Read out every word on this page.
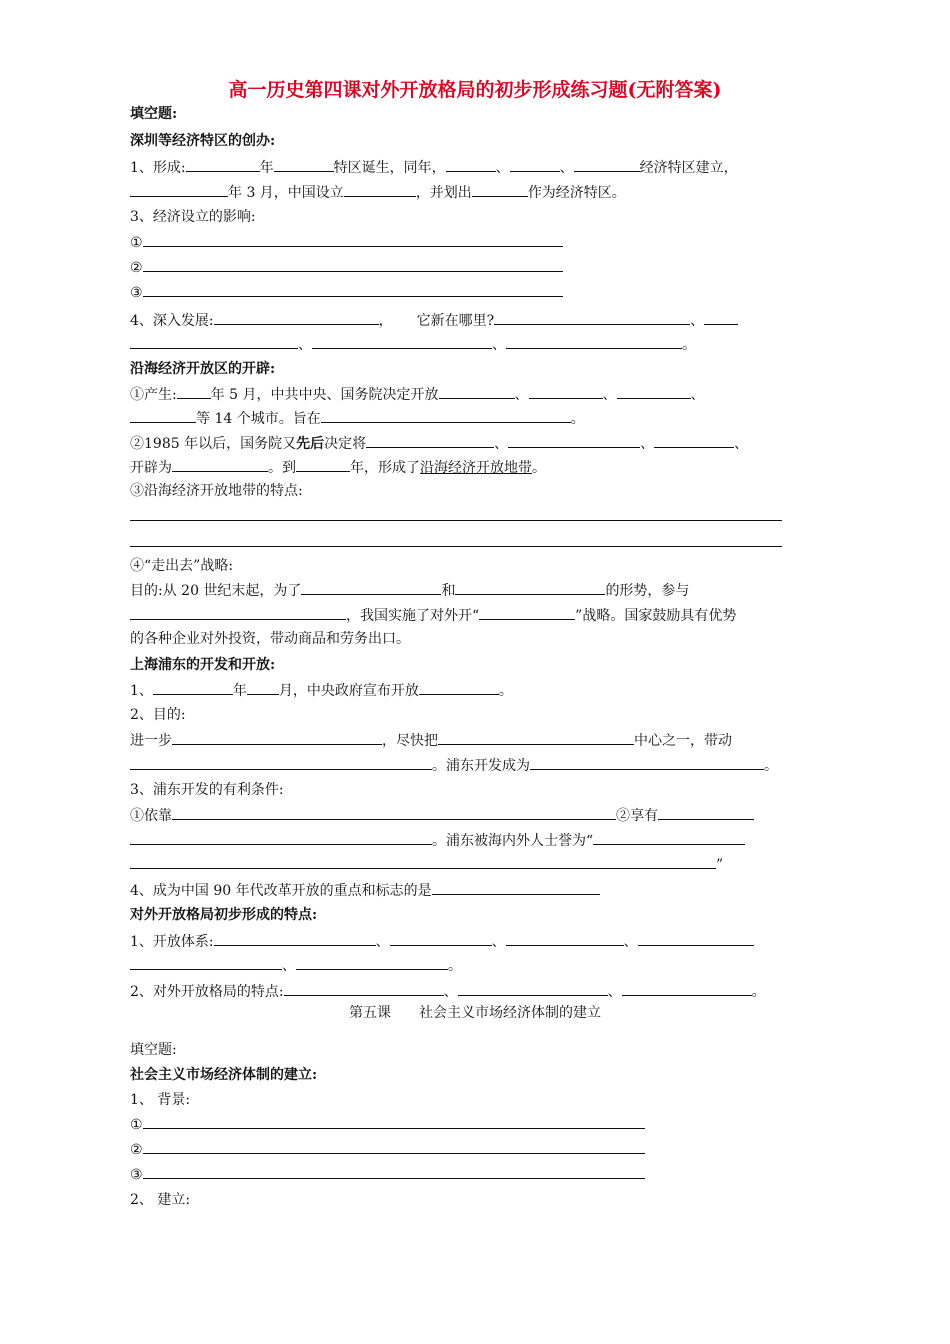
高一历史第四课对外开放格局的初步形成练习题(无附答案)
填空题:
深圳等经济特区的创办:
1、形成:	年	特区诞生，同年，	、	、	经济特区建立，
年 3 月，中国设立	，并划出	作为经济特区。
3、经济设立的影响:
①
②
③
4、深入发展:	， 它新在哪里?	、
、	、	。
沿海经济开放区的开辟:
①产生: 年 5 月，中共中央、国务院决定开放	、	、	、
等 14 个城市。旨在	。
②1985 年以后，国务院又先后决定将	、	、	、
开辟为	。到	年，形成了沿海经济开放地带。
③沿海经济开放地带的特点:
④“走出去”战略:
目的:从 20 世纪末起，为了	和	的形势，参与
，我国实施了对外开“	”战略。国家鼓励具有优势
的各种企业对外投资，带动商品和劳务出口。
上海浦东的开发和开放:
1、	年 月，中央政府宣布开放	。
2、目的:
进一步	，尽快把	中心之一，带动
。浦东开发成为	。
3、浦东开发的有利条件:
①依靠	②享有
。浦东被海内外人士誉为“
”
4、成为中国 90 年代改革开放的重点和标志的是
对外开放格局初步形成的特点:
1、开放体系:	、	、	、
、	。
2、对外开放格局的特点:	、	、	。
第五课　　社会主义市场经济体制的建立
填空题:
社会主义市场经济体制的建立:
1、 背景:
①
②
③
2、 建立:
